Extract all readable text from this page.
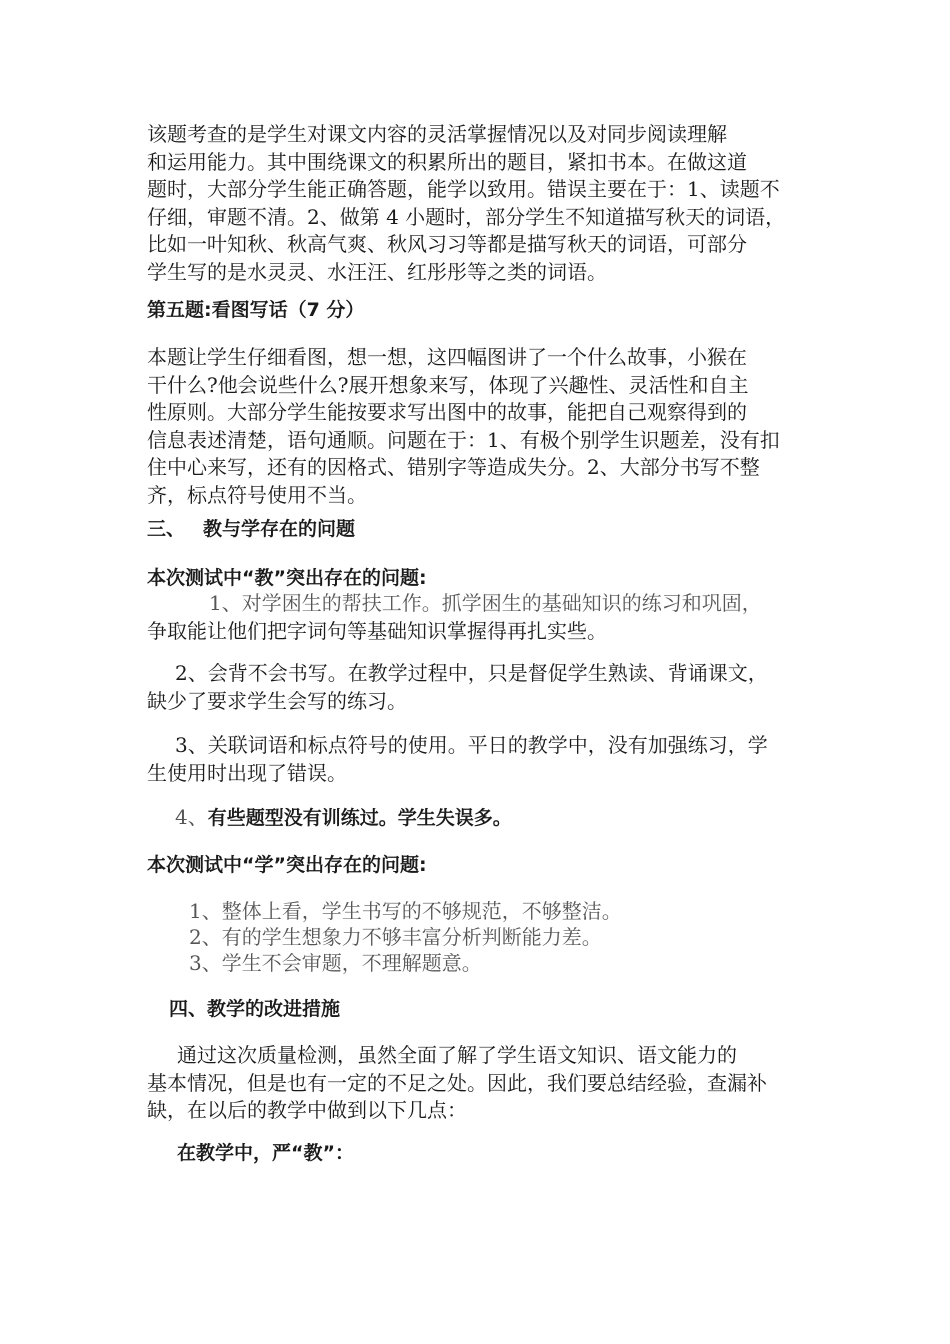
该题考查的是学生对课文内容的灵活掌握情况以及对同步阅读理解
和运用能力。其中围绕课文的积累所出的题目，紧扣书本。在做这道
题时，大部分学生能正确答题，能学以致用。错误主要在于：1、读题不
仔细，审题不清。2、做第 4 小题时，部分学生不知道描写秋天的词语，
比如一叶知秋、秋高气爽、秋风习习等都是描写秋天的词语，可部分
学生写的是水灵灵、水汪汪、红彤彤等之类的词语。
第五题:看图写话（7 分）
本题让学生仔细看图，想一想，这四幅图讲了一个什么故事，小猴在
干什么?他会说些什么?展开想象来写，体现了兴趣性、灵活性和自主
性原则。大部分学生能按要求写出图中的故事，能把自己观察得到的
信息表述清楚，语句通顺。问题在于：1、有极个别学生识题差，没有扣
住中心来写，还有的因格式、错别字等造成失分。2、大部分书写不整
齐，标点符号使用不当。
三、 教与学存在的问题
本次测试中“教”突出存在的问题:
1、对学困生的帮扶工作。抓学困生的基础知识的练习和巩固，
争取能让他们把字词句等基础知识掌握得再扎实些。
2、会背不会书写。在教学过程中，只是督促学生熟读、背诵课文，
缺少了要求学生会写的练习。
3、关联词语和标点符号的使用。平日的教学中，没有加强练习，学
生使用时出现了错误。
4、有些题型没有训练过。学生失误多。
本次测试中“学”突出存在的问题:
1、整体上看，学生书写的不够规范，不够整洁。
2、有的学生想象力不够丰富分析判断能力差。
3、学生不会审题，不理解题意。
四、教学的改进措施
通过这次质量检测，虽然全面了解了学生语文知识、语文能力的
基本情况，但是也有一定的不足之处。因此，我们要总结经验，查漏补
缺，在以后的教学中做到以下几点：
在教学中，严“教”：
